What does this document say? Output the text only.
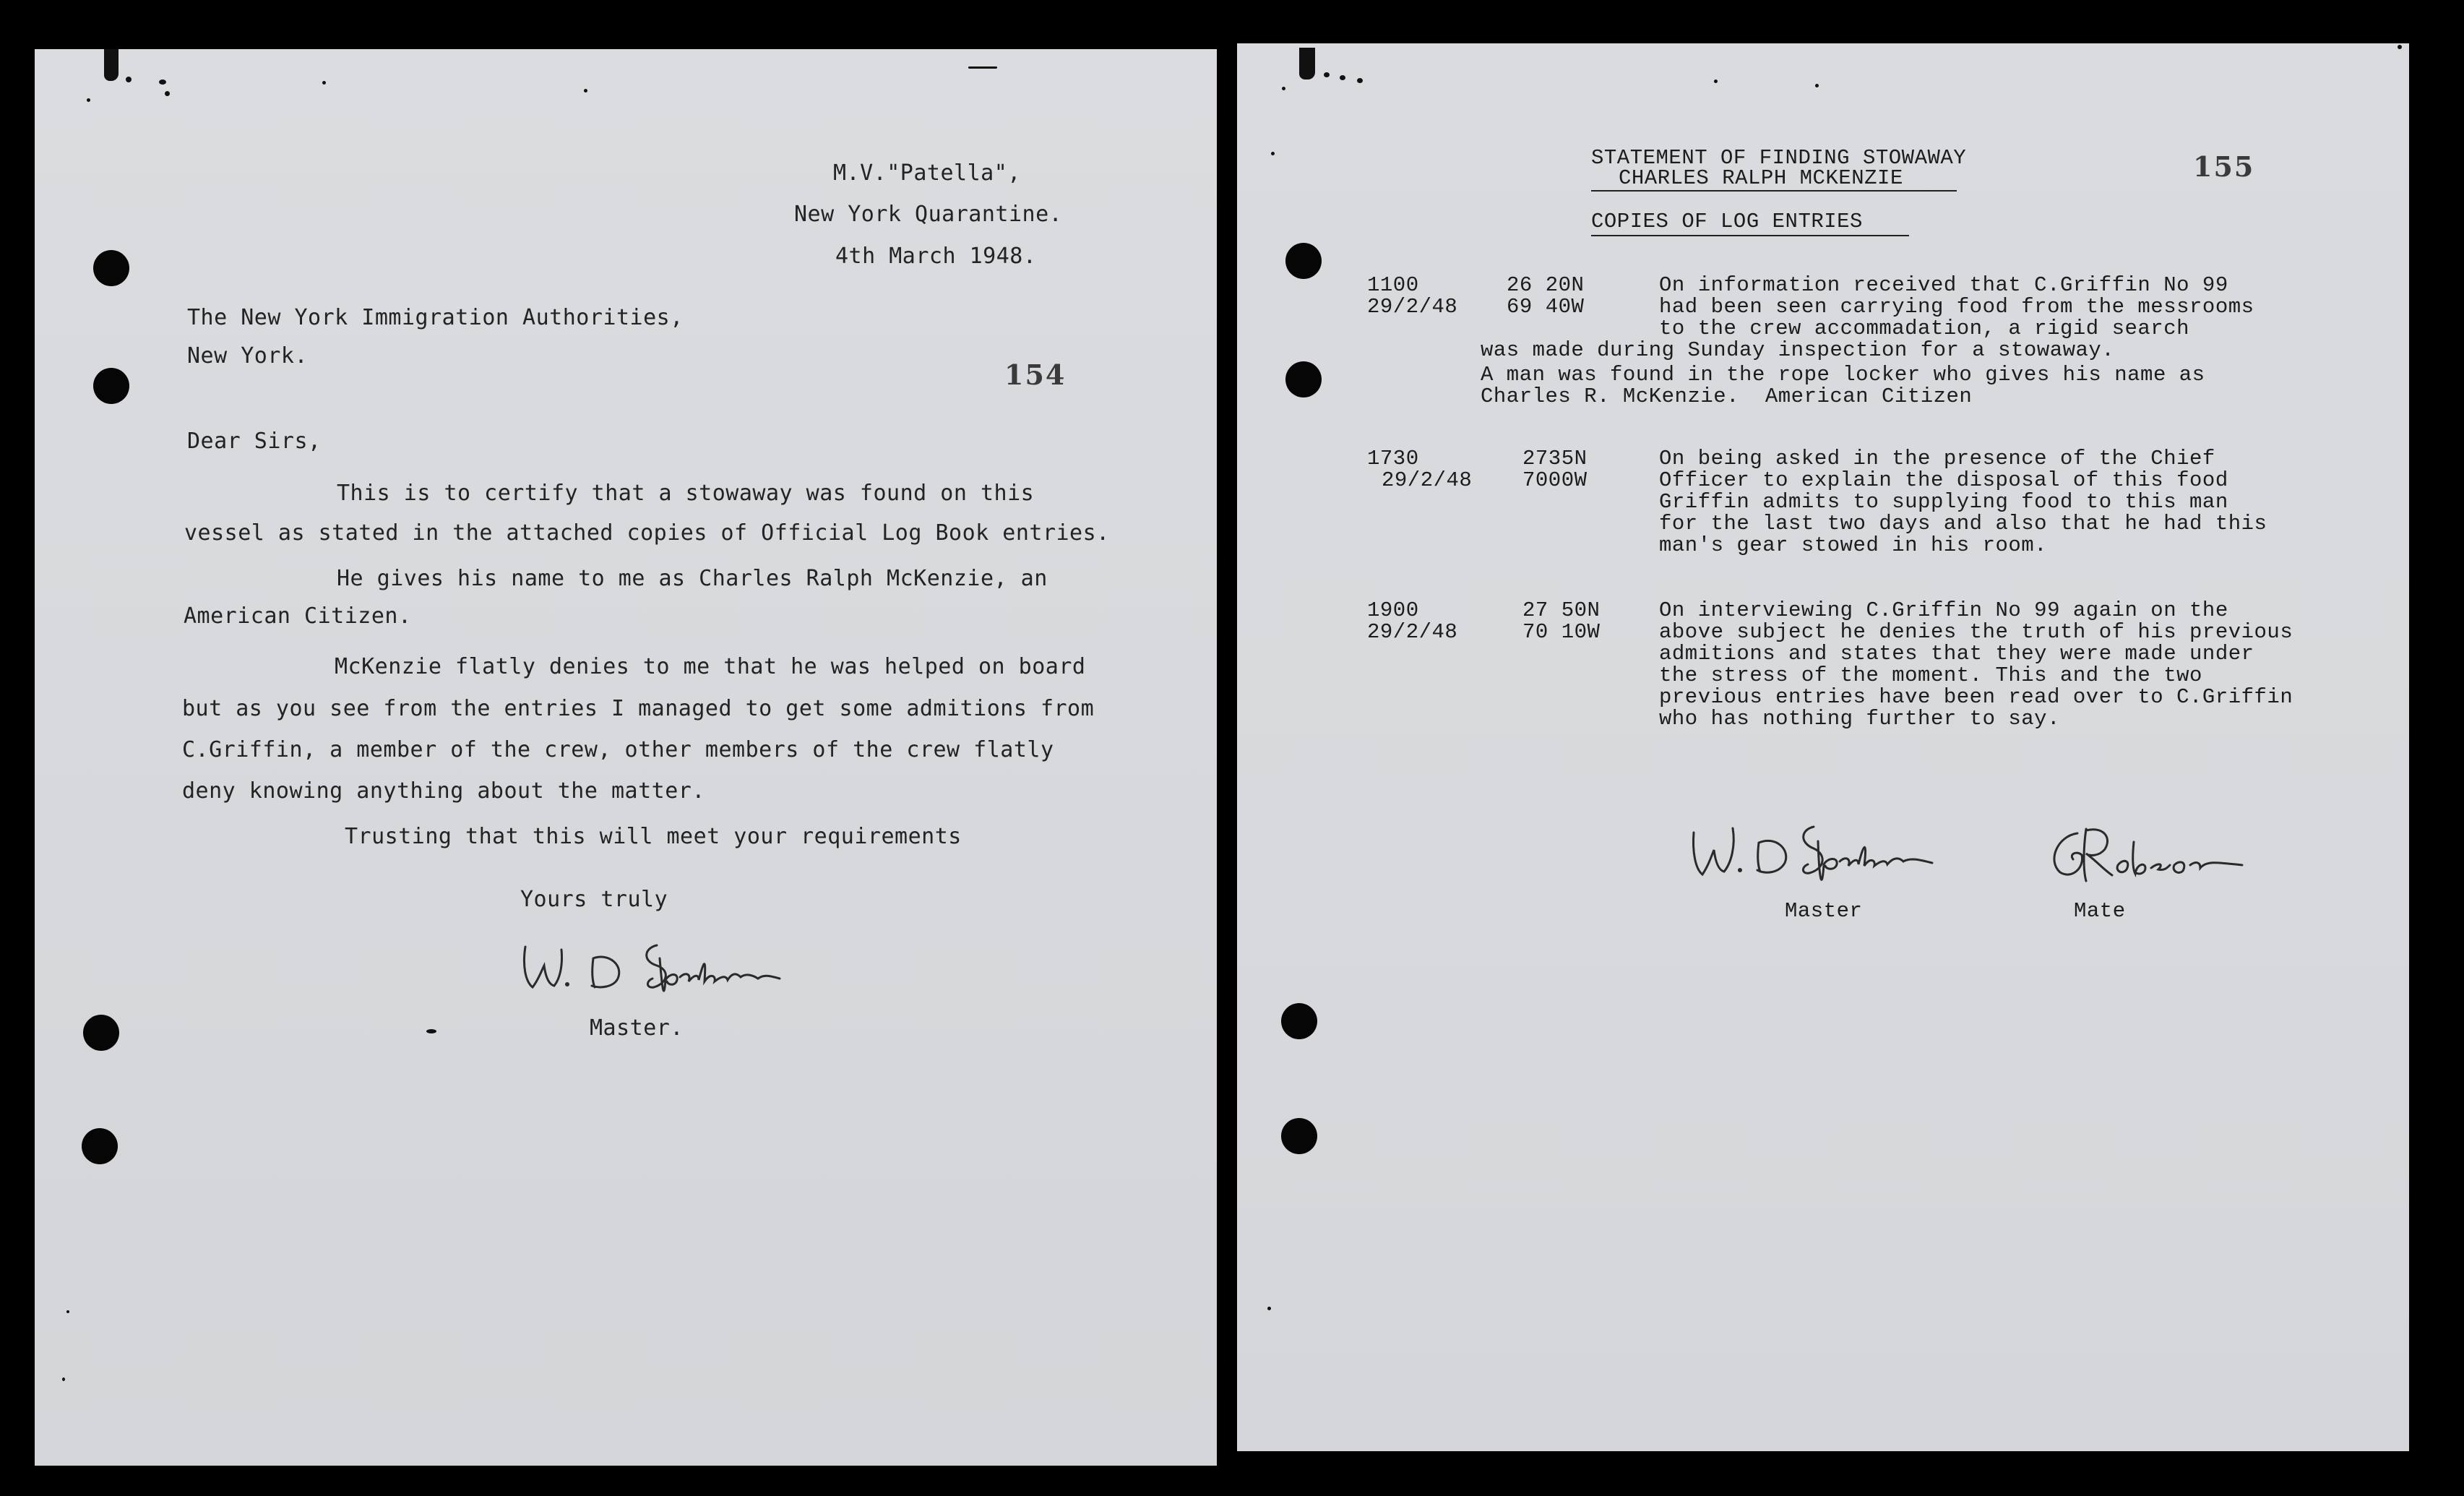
M.V."Patella",
New York Quarantine.
4th March 1948.
The New York Immigration Authorities,
New York.
154
Dear Sirs,
This is to certify that a stowaway was found on this
vessel as stated in the attached copies of Official Log Book entries.
He gives his name to me as Charles Ralph McKenzie, an
American Citizen.
McKenzie flatly denies to me that he was helped on board
but as you see from the entries I managed to get some admitions from
C.Griffin, a member of the crew, other members of the crew flatly
deny knowing anything about the matter.
Trusting that this will meet your requirements
Yours truly
Master.
STATEMENT OF FINDING STOWAWAY
CHARLES RALPH MCKENZIE	155
COPIES OF LOG ENTRIES
1100
29/2/48
26 20N
69 40W
On information received that C.Griffin No 99
had been seen carrying food from the messrooms
to the crew accommadation, a rigid search
was made during Sunday inspection for a stowaway.
A man was found in the rope locker who gives his name as
Charles R. McKenzie.  American Citizen
1730
29/2/48
2735N
7000W
On being asked in the presence of the Chief
Officer to explain the disposal of this food
Griffin admits to supplying food to this man
for the last two days and also that he had this
man's gear stowed in his room.
1900
29/2/48
27 50N
70 10W
On interviewing C.Griffin No 99 again on the
above subject he denies the truth of his previous
admitions and states that they were made under
the stress of the moment. This and the two
previous entries have been read over to C.Griffin
who has nothing further to say.
Master	Mate
